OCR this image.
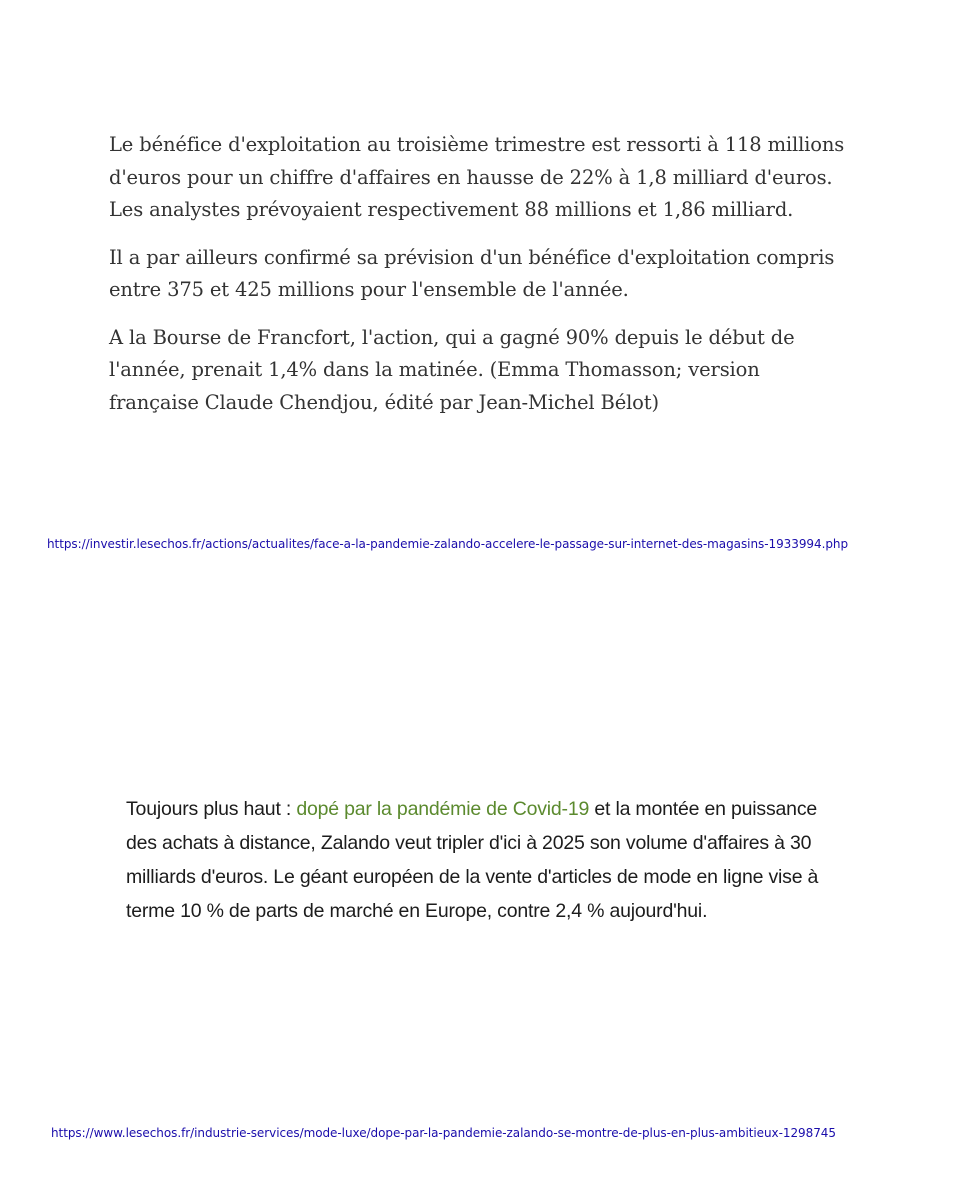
Le bénéfice d'exploitation au troisième trimestre est ressorti à 118 millions d'euros pour un chiffre d'affaires en hausse de 22% à 1,8 milliard d'euros. Les analystes prévoyaient respectivement 88 millions et 1,86 milliard.

Il a par ailleurs confirmé sa prévision d'un bénéfice d'exploitation compris entre 375 et 425 millions pour l'ensemble de l'année.

A la Bourse de Francfort, l'action, qui a gagné 90% depuis le début de l'année, prenait 1,4% dans la matinée. (Emma Thomasson; version française Claude Chendjou, édité par Jean-Michel Bélot)

https://investir.lesechos.fr/actions/actualites/face-a-la-pandemie-zalando-accelere-le-passage-sur-internet-des-magasins-1933994.php

Toujours plus haut : dopé par la pandémie de Covid-19 et la montée en puissance des achats à distance, Zalando veut tripler d'ici à 2025 son volume d'affaires à 30 milliards d'euros. Le géant européen de la vente d'articles de mode en ligne vise à terme 10 % de parts de marché en Europe, contre 2,4 % aujourd'hui.

https://www.lesechos.fr/industrie-services/mode-luxe/dope-par-la-pandemie-zalando-se-montre-de-plus-en-plus-ambitieux-1298745
